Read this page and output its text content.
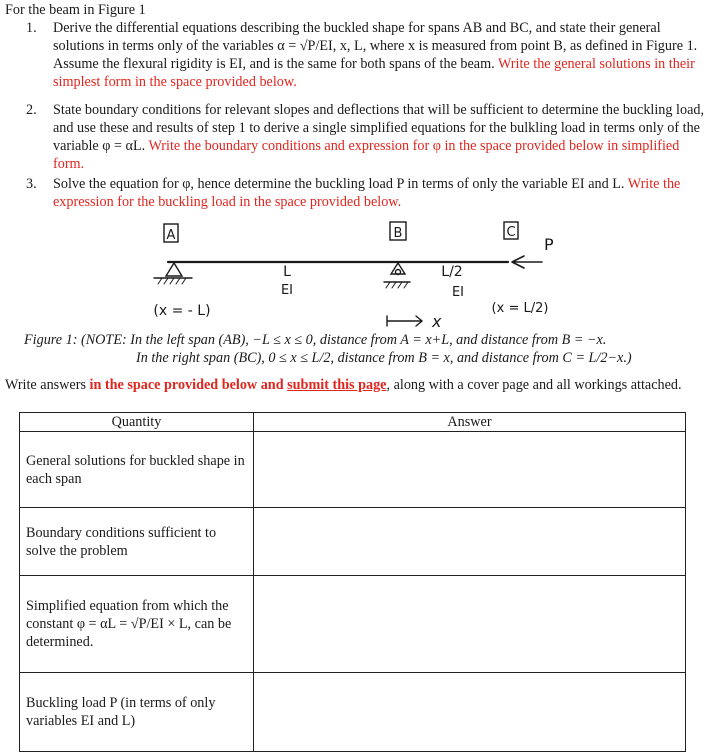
For the beam in Figure 1
1. Derive the differential equations describing the buckled shape for spans AB and BC, and state their general solutions in terms only of the variables α = √P/EI, x, L, where x is measured from point B, as defined in Figure 1. Assume the flexural rigidity is EI, and is the same for both spans of the beam. Write the general solutions in their simplest form in the space provided below.
2. State boundary conditions for relevant slopes and deflections that will be sufficient to determine the buckling load, and use these and results of step 1 to derive a single simplified equations for the bulkling load in terms only of the variable φ = αL. Write the boundary conditions and expression for φ in the space provided below in simplified form.
3. Solve the equation for φ, hence determine the buckling load P in terms of only the variable EI and L. Write the expression for the buckling load in the space provided below.
A	B	C
P
L
EI
L/2
EI
(x = - L)	(x = L/2)
x
Figure 1: (NOTE: In the left span (AB), −L ≤ x ≤ 0, distance from A = x+L, and distance from B = −x.
In the right span (BC), 0 ≤ x ≤ L/2, distance from B = x, and distance from C = L/2−x.)
Write answers in the space provided below and submit this page, along with a cover page and all workings attached.
Quantity	Answer
General solutions for buckled shape in each span	
Boundary conditions sufficient to solve the problem	
Simplified equation from which the constant φ = αL = √P/EI × L, can be determined.	
Buckling load P (in terms of only variables EI and L)	
